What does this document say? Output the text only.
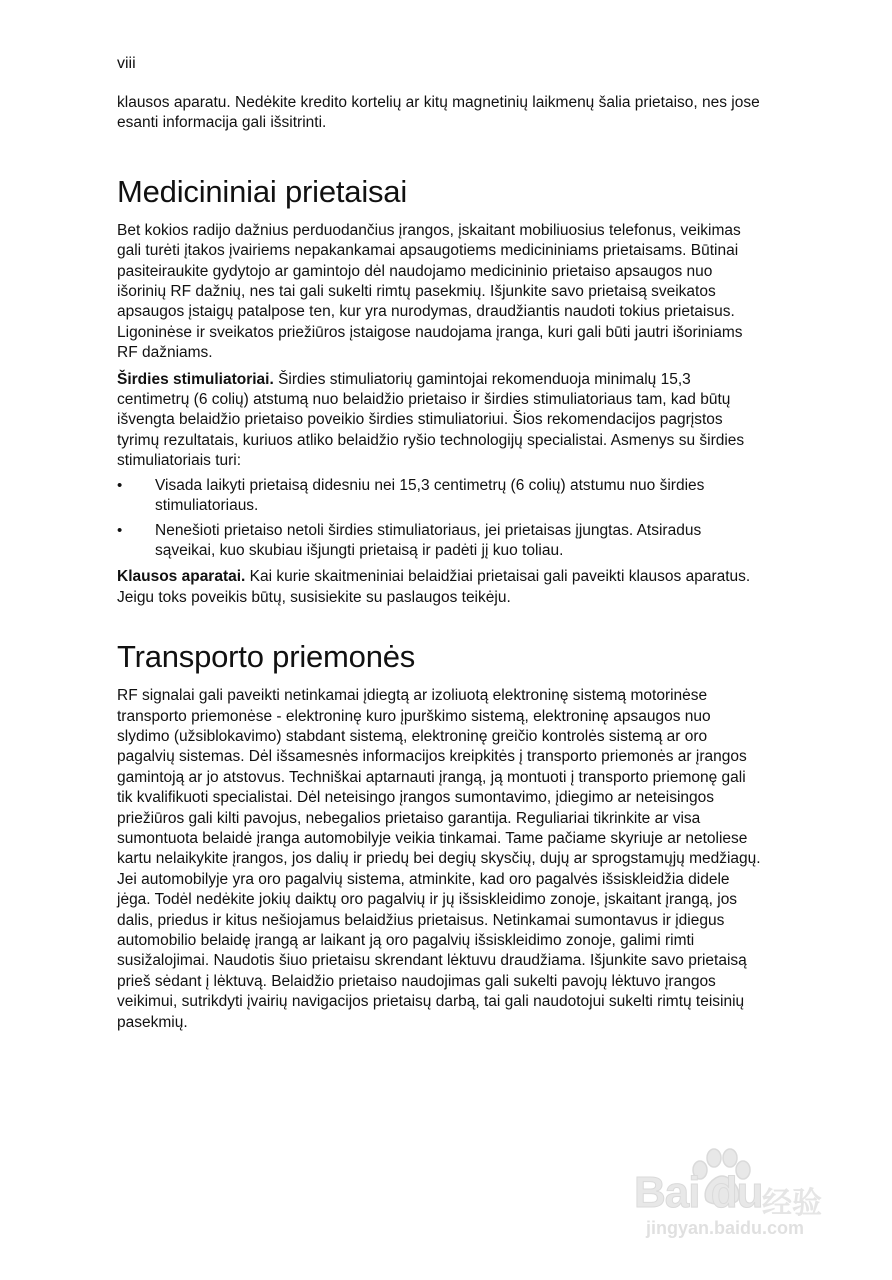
viii

klausos aparatu. Nedėkite kredito kortelių ar kitų magnetinių laikmenų šalia prietaiso, nes jose esanti informacija gali išsitrinti.

Medicininiai prietaisai

Bet kokios radijo dažnius perduodančius įrangos, įskaitant mobiliuosius telefonus, veikimas gali turėti įtakos įvairiems nepakankamai apsaugotiems medicininiams prietaisams. Būtinai pasiteiraukite gydytojo ar gamintojo dėl naudojamo medicininio prietaiso apsaugos nuo išorinių RF dažnių, nes tai gali sukelti rimtų pasekmių. Išjunkite savo prietaisą sveikatos apsaugos įstaigų patalpose ten, kur yra nurodymas, draudžiantis naudoti tokius prietaisus. Ligoninėse ir sveikatos priežiūros įstaigose naudojama įranga, kuri gali būti jautri išoriniams RF dažniams.

Širdies stimuliatoriai. Širdies stimuliatorių gamintojai rekomenduoja minimalų 15,3 centimetrų (6 colių) atstumą nuo belaidžio prietaiso ir širdies stimuliatoriaus tam, kad būtų išvengta belaidžio prietaiso poveikio širdies stimuliatoriui. Šios rekomendacijos pagrįstos tyrimų rezultatais, kuriuos atliko belaidžio ryšio technologijų specialistai. Asmenys su širdies stimuliatoriais turi:

• Visada laikyti prietaisą didesniu nei 15,3 centimetrų (6 colių) atstumu nuo širdies stimuliatoriaus.
• Nenešioti prietaiso netoli širdies stimuliatoriaus, jei prietaisas įjungtas. Atsiradus sąveikai, kuo skubiau išjungti prietaisą ir padėti jį kuo toliau.

Klausos aparatai. Kai kurie skaitmeniniai belaidžiai prietaisai gali paveikti klausos aparatus. Jeigu toks poveikis būtų, susisiekite su paslaugos teikėju.

Transporto priemonės

RF signalai gali paveikti netinkamai įdiegtą ar izoliuotą elektroninę sistemą motorinėse transporto priemonėse - elektroninę kuro įpurškimo sistemą, elektroninę apsaugos nuo slydimo (užsiblokavimo) stabdant sistemą, elektroninę greičio kontrolės sistemą ar oro pagalvių sistemas. Dėl išsamesnės informacijos kreipkitės į transporto priemonės ar įrangos gamintoją ar jo atstovus. Techniškai aptarnauti įrangą, ją montuoti į transporto priemonę gali tik kvalifikuoti specialistai. Dėl neteisingo įrangos sumontavimo, įdiegimo ar neteisingos priežiūros gali kilti pavojus, nebegalios prietaiso garantija. Reguliariai tikrinkite ar visa sumontuota belaidė įranga automobilyje veikia tinkamai. Tame pačiame skyriuje ar netoliese kartu nelaikykite įrangos, jos dalių ir priedų bei degių skysčių, dujų ar sprogstamųjų medžiagų. Jei automobilyje yra oro pagalvių sistema, atminkite, kad oro pagalvės išsiskleidžia didele jėga. Todėl nedėkite jokių daiktų oro pagalvių ir jų išsiskleidimo zonoje, įskaitant įrangą, jos dalis, priedus ir kitus nešiojamus belaidžius prietaisus. Netinkamai sumontavus ir įdiegus automobilio belaidę įrangą ar laikant ją oro pagalvių išsiskleidimo zonoje, galimi rimti susižalojimai. Naudotis šiuo prietaisu skrendant lėktuvu draudžiama. Išjunkite savo prietaisą prieš sėdant į lėktuvą. Belaidžio prietaiso naudojimas gali sukelti pavojų lėktuvo įrangos veikimui, sutrikdyti įvairių navigacijos prietaisų darbą, tai gali naudotojui sukelti rimtų teisinių pasekmių.

Bai du 经验
jingyan.baidu.com
